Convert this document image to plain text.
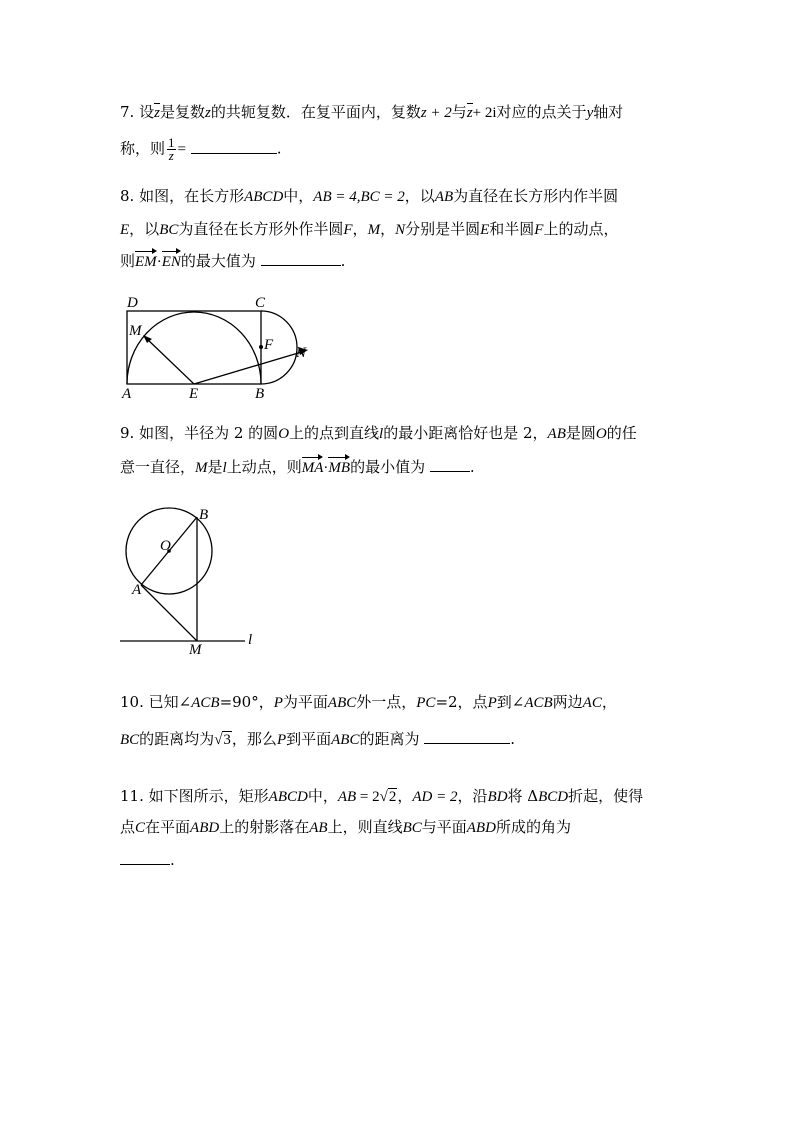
7. 设z是复数z的共轭复数．在复平面内，复数z + 2与z+ 2i对应的点关于y轴对
称，则 $\frac{1}{z}$ =	.
8. 如图，在长方形ABCD中，AB = 4,BC = 2，以AB为直径在长方形内作半圆
E，以BC为直径在长方形外作半圆F，M，N分别是半圆E和半圆F上的动点，
则EM·EN的最大值为	.
D	C
M
F N
A	E	B
9. 如图，半径为 2 的圆O上的点到直线l的最小距离恰好也是 2，AB是圆O的任
意一直径，M是l上动点，则MA·MB的最小值为	.
B
O
A
M
l
10. 已知∠ACB=90°，P为平面ABC外一点，PC=2，点P到∠ACB两边AC，
BC的距离均为√3，那么P到平面ABC的距离为	.
11. 如下图所示，矩形ABCD中，AB = 2√2，AD = 2，沿BD将 ΔBCD折起，使得
点C在平面ABD上的射影落在AB上，则直线BC与平面ABD所成的角为
.
